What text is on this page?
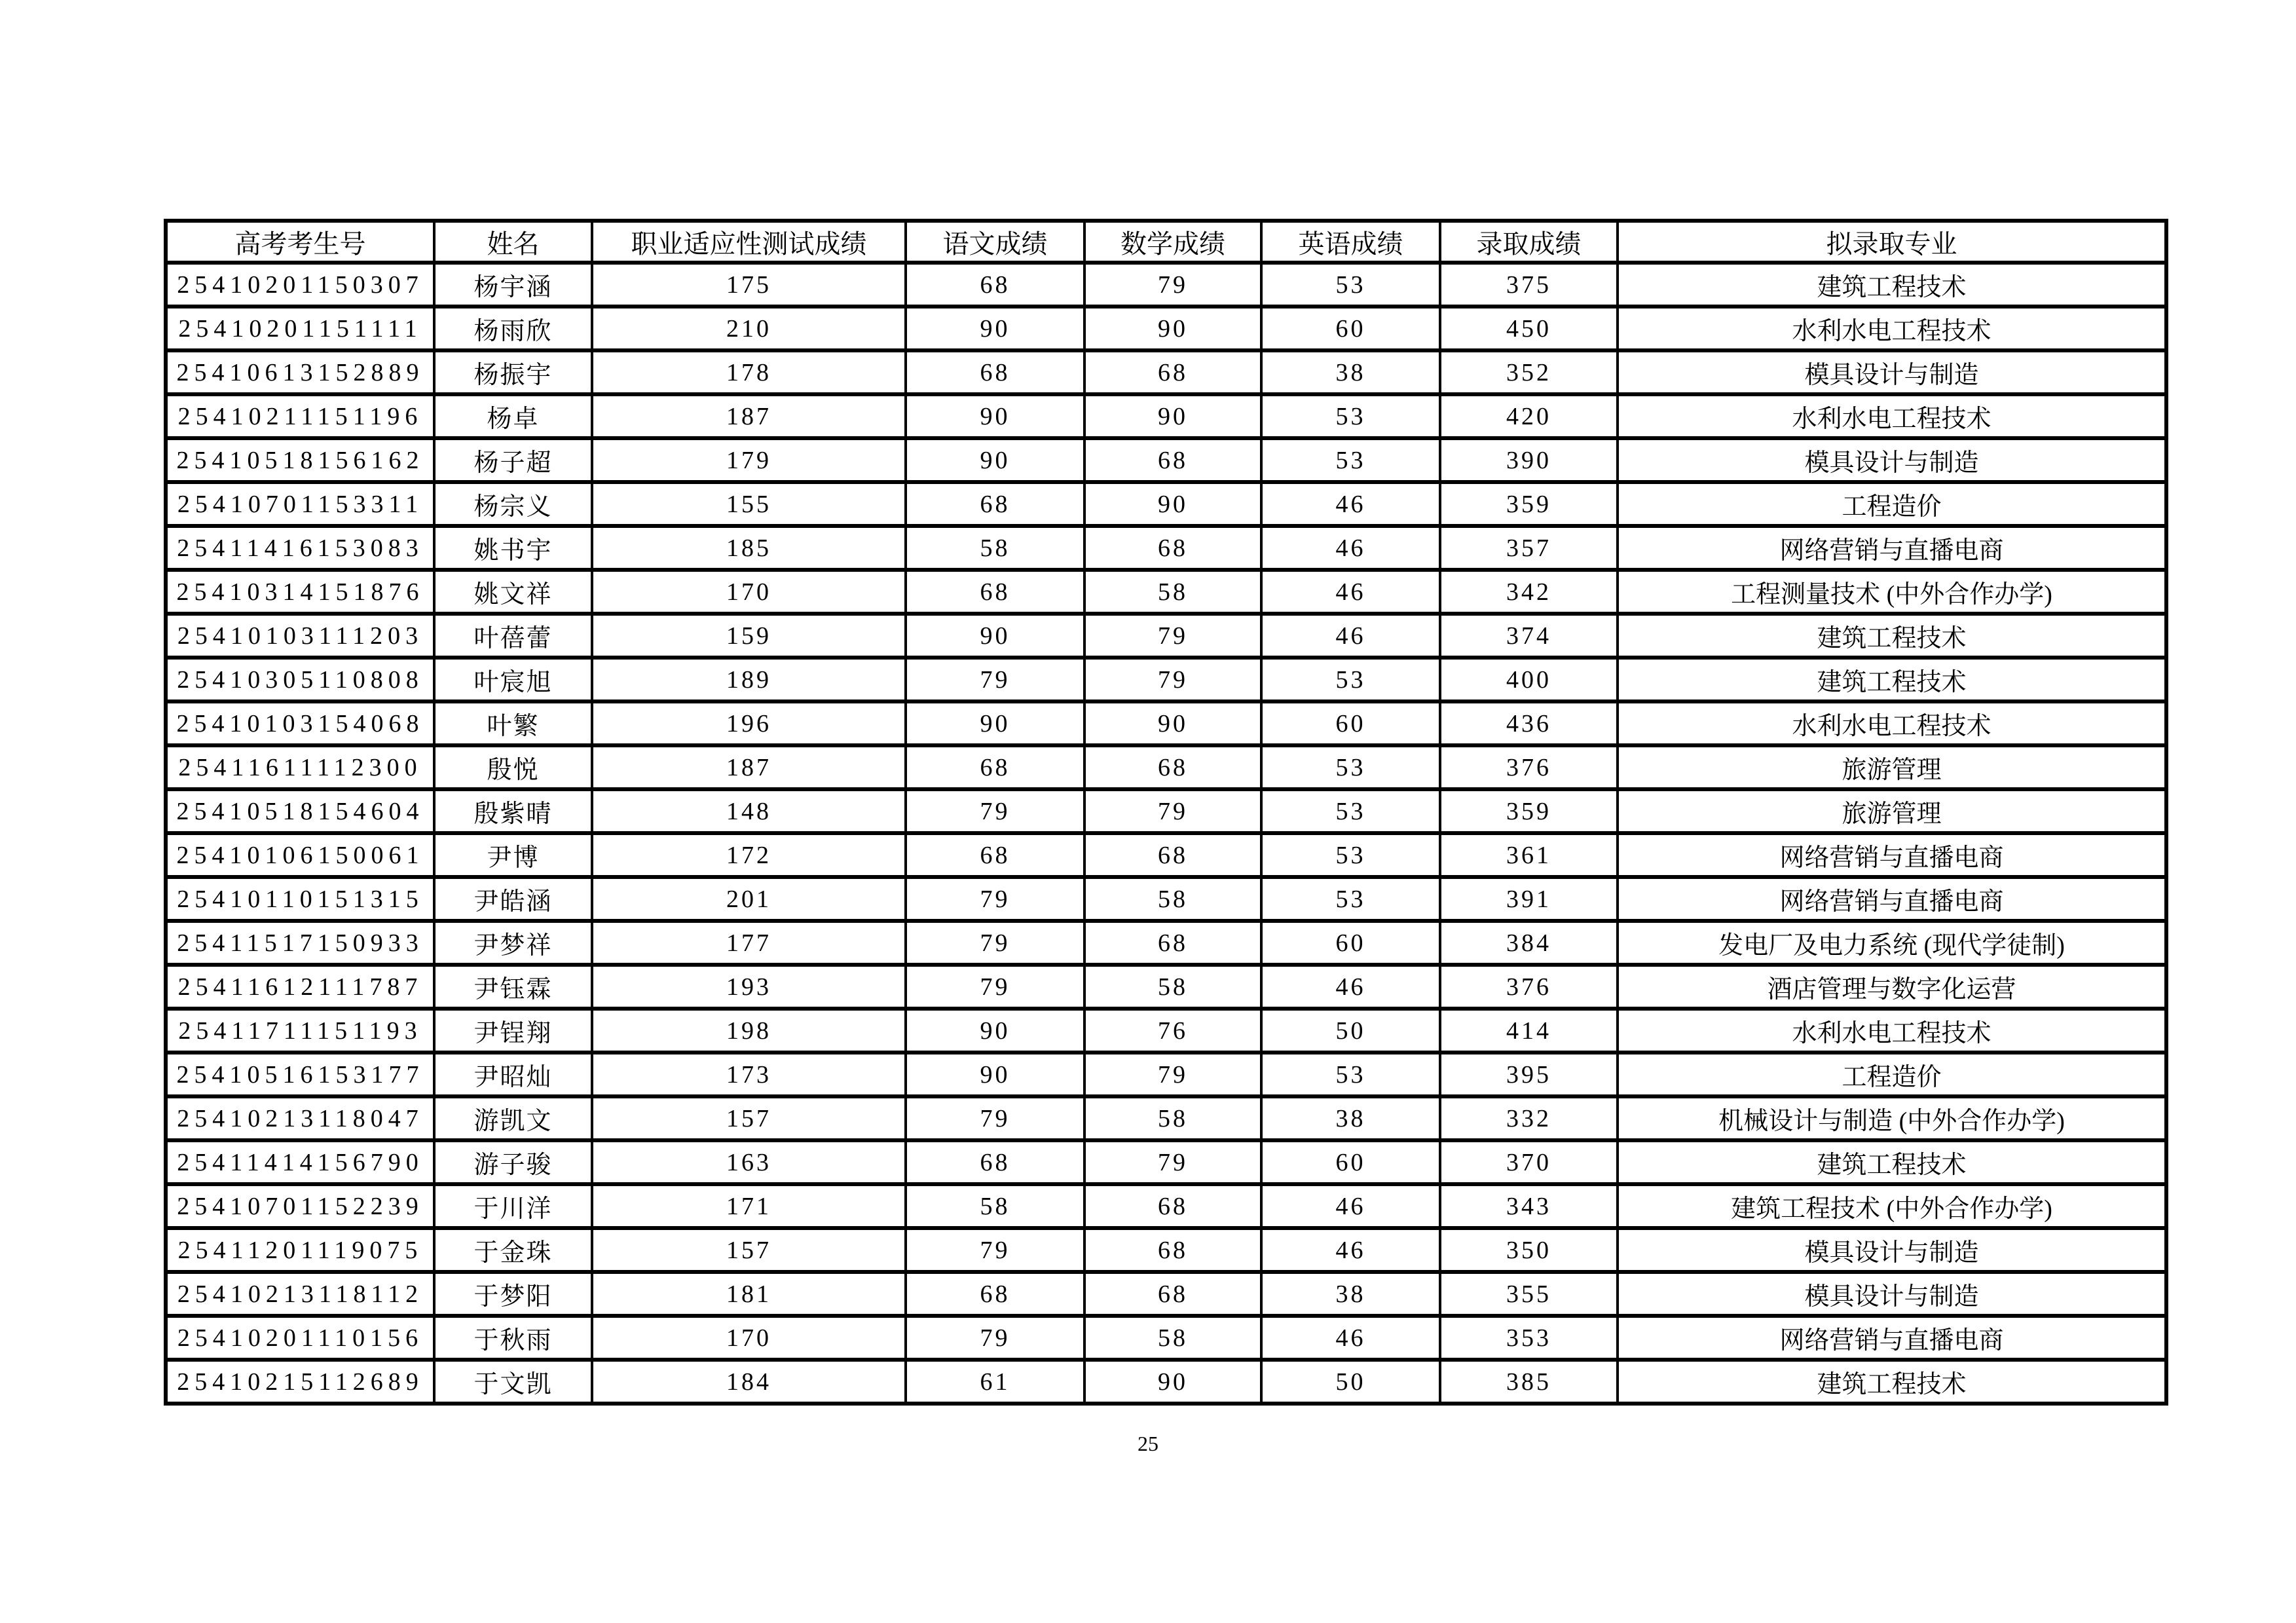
高考考生号	姓名	职业适应性测试成绩	语文成绩	数学成绩	英语成绩	录取成绩	拟录取专业
25410201150307	杨宇涵	175	68	79	53	375	建筑工程技术
25410201151111	杨雨欣	210	90	90	60	450	水利水电工程技术
25410613152889	杨振宇	178	68	68	38	352	模具设计与制造
25410211151196	杨卓	187	90	90	53	420	水利水电工程技术
25410518156162	杨子超	179	90	68	53	390	模具设计与制造
25410701153311	杨宗义	155	68	90	46	359	工程造价
25411416153083	姚书宇	185	58	68	46	357	网络营销与直播电商
25410314151876	姚文祥	170	68	58	46	342	工程测量技术 (中外合作办学)
25410103111203	叶蓓蕾	159	90	79	46	374	建筑工程技术
25410305110808	叶宸旭	189	79	79	53	400	建筑工程技术
25410103154068	叶繁	196	90	90	60	436	水利水电工程技术
25411611112300	殷悦	187	68	68	53	376	旅游管理
25410518154604	殷紫晴	148	79	79	53	359	旅游管理
25410106150061	尹博	172	68	68	53	361	网络营销与直播电商
25410110151315	尹皓涵	201	79	58	53	391	网络营销与直播电商
25411517150933	尹梦祥	177	79	68	60	384	发电厂及电力系统 (现代学徒制)
25411612111787	尹钰霖	193	79	58	46	376	酒店管理与数字化运营
25411711151193	尹锃翔	198	90	76	50	414	水利水电工程技术
25410516153177	尹昭灿	173	90	79	53	395	工程造价
25410213118047	游凯文	157	79	58	38	332	机械设计与制造 (中外合作办学)
25411414156790	游子骏	163	68	79	60	370	建筑工程技术
25410701152239	于川洋	171	58	68	46	343	建筑工程技术 (中外合作办学)
25411201119075	于金珠	157	79	68	46	350	模具设计与制造
25410213118112	于梦阳	181	68	68	38	355	模具设计与制造
25410201110156	于秋雨	170	79	58	46	353	网络营销与直播电商
25410215112689	于文凯	184	61	90	50	385	建筑工程技术
25
